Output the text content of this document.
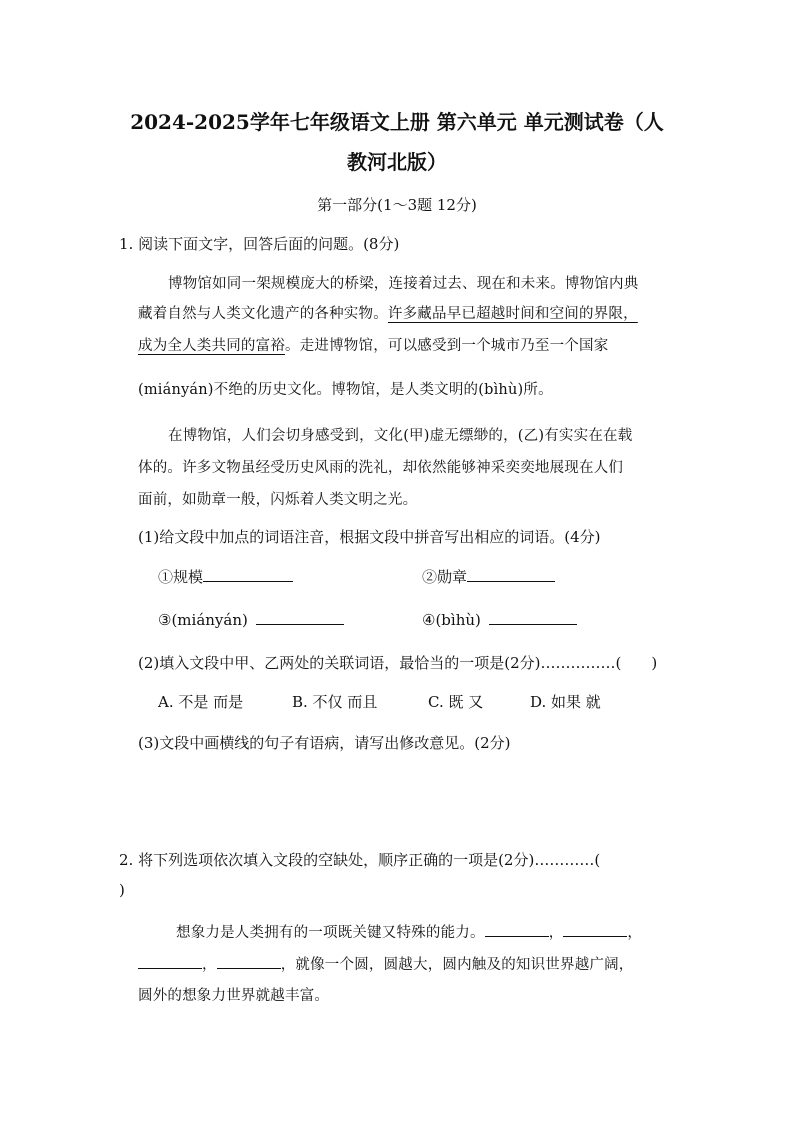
2024-2025学年七年级语文上册 第六单元 单元测试卷（人
教河北版）
第一部分(1～3题 12分)
1. 阅读下面文字，回答后面的问题。(8分)
博物馆如同一架规模庞大的桥梁，连接着过去、现在和未来。博物馆内典
藏着自然与人类文化遗产的各种实物。许多藏品早已超越时间和空间的界限，
成为全人类共同的富裕。走进博物馆，可以感受到一个城市乃至一个国家
(miányán)不绝的历史文化。博物馆，是人类文明的(bìhù)所。
在博物馆，人们会切身感受到，文化(甲)虚无缥缈的，(乙)有实实在在载
体的。许多文物虽经受历史风雨的洗礼，却依然能够神采奕奕地展现在人们
面前，如勋章一般，闪烁着人类文明之光。
(1)给文段中加点的词语注音，根据文段中拼音写出相应的词语。(4分)
①规模	②勋章
③(miányán)	④(bìhù)
(2)填入文段中甲、乙两处的关联词语，最恰当的一项是(2分)……………(　　)
A. 不是 而是	B. 不仅 而且	C. 既 又	D. 如果 就
(3)文段中画横线的句子有语病，请写出修改意见。(2分)
2. 将下列选项依次填入文段的空缺处，顺序正确的一项是(2分)…………(
)
想象力是人类拥有的一项既关键又特殊的能力。	，	，
，	，就像一个圆，圆越大，圆内触及的知识世界越广阔，
圆外的想象力世界就越丰富。
